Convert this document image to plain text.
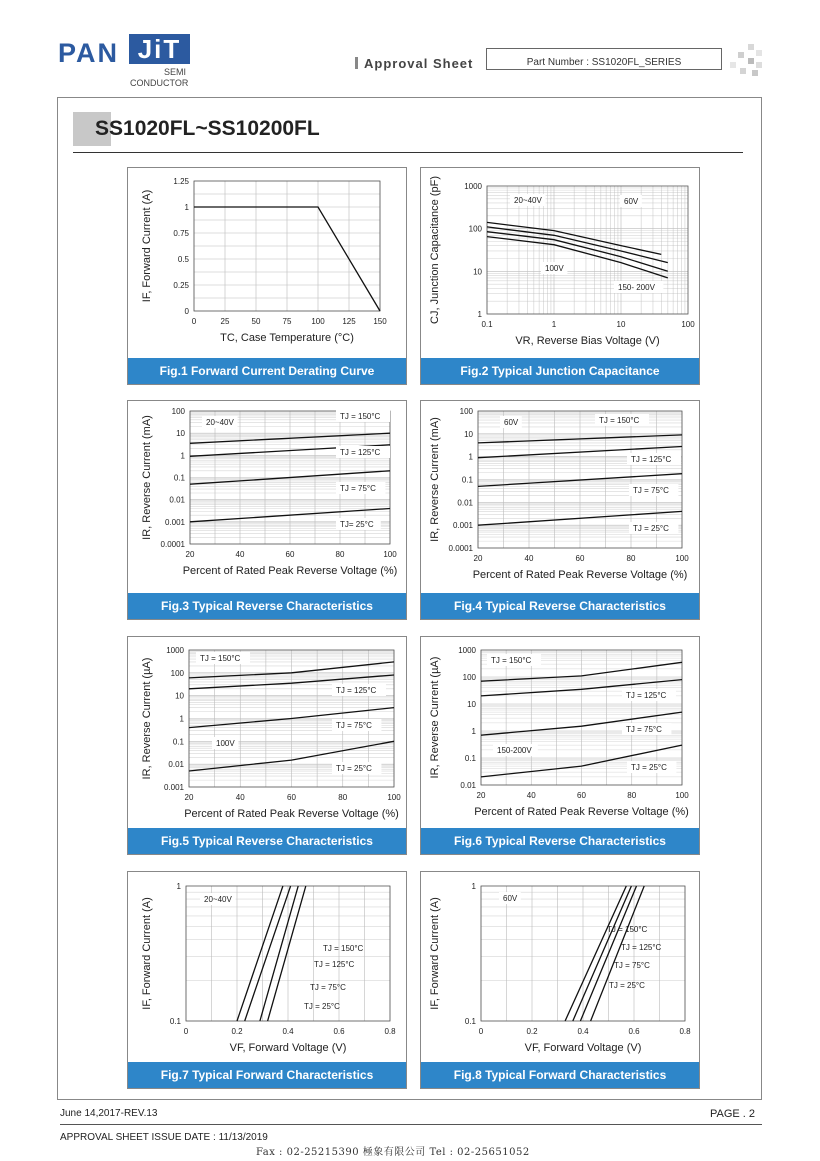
PAN JiT
SEMI
CONDUCTOR
Approval Sheet	Part Number : SS1020FL_SERIES
SS1020FL~SS10200FL
0	25	50	75 100 125 150
0
0.25
0.5
0.75
1
1.25
TC, Case Temperature (°C)
IF, Forward Current (A)
Fig.1 Forward Current Derating Curve
0.1	1	10	100
1
10
100
1000
VR, Reverse Bias Voltage (V)
CJ, Junction Capacitance (pF)	20~40V	60V
100V
150- 200V
Fig.2 Typical Junction Capacitance
20	40	60	80	100
0.0001
0.001
0.01
0.1
1
10
100
Percent of Rated Peak Reverse Voltage (%)
IR, Reverse Current (mA)	20~40V
TJ = 150°C
TJ = 125°C
TJ = 75°C
TJ= 25°C
Fig.3 Typical Reverse Characteristics
20	40	60	80	100
0.0001
0.001
0.01
0.1
1
10
100
Percent of Rated Peak Reverse Voltage (%)
IR, Reverse Current (mA)	60V	TJ = 150°C
TJ = 125°C
TJ = 75°C
TJ = 25°C
Fig.4 Typical Reverse Characteristics
20	40	60	80	100
0.001
0.01
0.1
1
10
100
1000
Percent of Rated Peak Reverse Voltage (%)
IR, Reverse Current (µA)	TJ = 150°C
TJ = 125°C
TJ = 75°C
100V
TJ = 25°C
Fig.5 Typical Reverse Characteristics
20	40	60	80	100
0.01
0.1
1
10
100
1000
Percent of Rated Peak Reverse Voltage (%)
IR, Reverse Current (µA)	TJ = 150°C
TJ = 125°C
TJ = 75°C
150-200V
TJ = 25°C
Fig.6 Typical Reverse Characteristics
0	0.2	0.4	0.6	0.8
0.1
1
VF, Forward Voltage (V)
IF, Forward Current (A)	20~40V
TJ = 150°C
TJ = 125°C
TJ = 75°C
TJ = 25°C
Fig.7 Typical Forward Characteristics
0	0.2	0.4	0.6	0.8
0.1
1
VF, Forward Voltage (V)
IF, Forward Current (A)	60V
TJ = 150°C
TJ = 125°C
TJ = 75°C
TJ = 25°C
Fig.8 Typical Forward Characteristics
June 14,2017-REV.13	PAGE . 2
APPROVAL SHEET ISSUE DATE : 11/13/2019
Fax : 02-25215390 極象有限公司 Tel : 02-25651052
